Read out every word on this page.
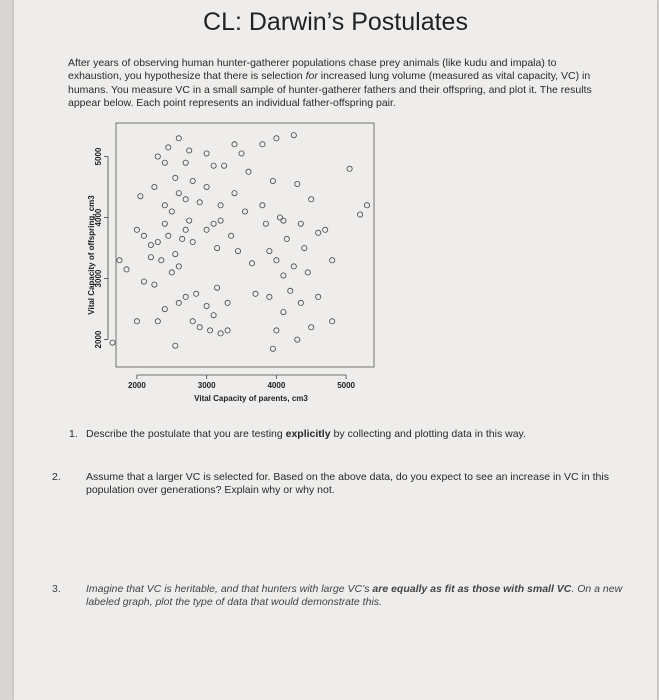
CL: Darwin’s Postulates
After years of observing human hunter-gatherer populations chase prey animals (like kudu and impala) to exhaustion, you hypothesize that there is selection for increased lung volume (measured as vital capacity, VC) in humans. You measure VC in a small sample of hunter-gatherer fathers and their offspring, and plot it. The results appear below. Each point represents an individual father-offspring pair.
2000	3000	4000	5000
2000
3000
4000
5000
Vital Capacity of parents, cm3
Vital Capacity of offspring, cm3
1. Describe the postulate that you are testing explicitly by collecting and plotting data in this way.
2. Assume that a larger VC is selected for. Based on the above data, do you expect to see an increase in VC in this population over generations? Explain why or why not.
3. Imagine that VC is heritable, and that hunters with large VC’s are equally as fit as those with small VC. On a new labeled graph, plot the type of data that would demonstrate this.
